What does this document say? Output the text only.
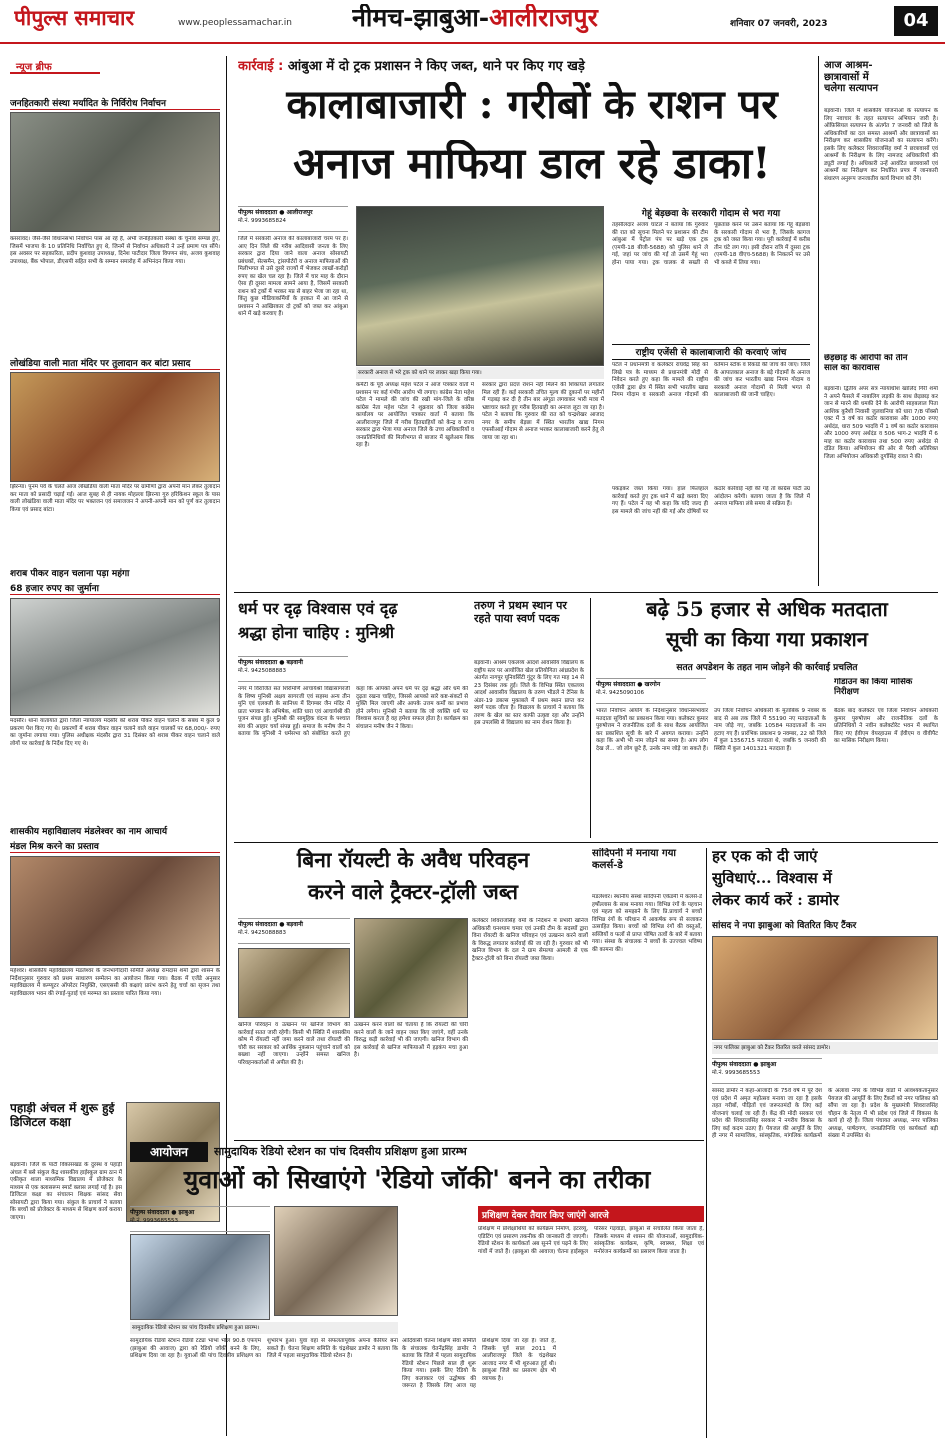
पीपुल्स समाचार	www.peoplessamachar.in	नीमच-झाबुआ-आलीराजपुर	शनिवार 07 जनवरी, 2023	04
न्यूज ब्रीफ
जनहितकारी संस्था मर्यादित के निर्विरोध निर्वाचन
कसरावद। जैसे-जैसे विधानसभा निर्वाचन पास आ रहे हैं, अभी जनहितकारी संस्था के चुनाव सम्पन्न हुए, जिसमें भाजपा के 10 प्रतिनिधि निर्वाचित हुए थे, जिनमें से निर्वाचन अधिकारी ने उन्हें प्रमाण पत्र सौंपे। इस अवसर पर सहकारिता, प्रदीप कुशवाह उपाध्यक्ष, दिनेश पाटीदार जिला विपणन संघ, अजय कुशवाह उपाध्यक्ष, बैंक भोपाल, डीएसपी सहित सभी के सम्मान समारोह में अभिनंदन किया गया।
लोखंडिया वाली माता मंदिर पर तुलादान कर बांटा प्रसाद
झिरन्या। पुनम पर्व के चलते आज लोखंडिया वाली माता मंदिर पर ग्रामीणों द्वारा अपनी मान लेकर तुलादान कर माता को प्रसादी चढ़ाई गई। आज सुबह से ही नायक मोहल्ला झिरन्या गुरु हरिकिशन स्कूल के पास वाली लोखंडिया वाली माता मंदिर पर भक्तजन एवं समाजजन ने अपनी-अपनी मान को पूर्ण कर तुलादान किया एवं प्रसाद बांटा।
शराब पीकर वाहन चलाना पड़ा महंगा
68 हजार रुपए का जुर्माना
मंदसौर। थाना यातायात द्वारा जिला न्यायालय मंदसौर को शराब पीकर वाहन चलाने के संबंध में कुल 9 प्रकरण पेश किए गए थे। प्रकरणों में शराब पीकर वाहन चलाने वाले वाहन चालकों पर 68,000/- रुपए का जुर्माना लगाया गया। पुलिस अधीक्षक मंदसौर द्वारा 31 दिसंबर को शराब पीकर वाहन चलाने वाले लोगों पर कार्रवाई के निर्देश दिए गए थे।
शासकीय महाविद्यालय मंडलेश्वर का नाम आचार्य
मंडल मिश्र करने का प्रस्ताव
महेश्वर। शासकीय महाविद्यालय मंडलेश्वर के जनभागीदारी समिति अध्यक्ष रामदास शर्मा द्वारा शासन के निर्देशानुसार गुरुवार को प्रथम साधारण सम्मेलन का आयोजन किया गया। बैठक में एजेंडे अनुसार महाविद्यालय में कम्प्यूटर ऑपरेटर नियुक्ति, एसएससी की कक्षाएं प्रारंभ करने हेतु चर्चा का सृजन तथा महाविद्यालय भवन की रंगाई-पुताई एवं मरम्मत का प्रस्ताव पारित किया गया।
पहाड़ी अंचल में शुरू हुई डिजिटल कक्षा
बड़वानी। जिले के पाटी विकासखंड के दुरस्थ व पहाड़ी अंचल में बसे संकुल केंद्र शासकीय हाईस्कूल ग्राम ठान में एकीकृत शाला माध्यमिक विद्यालय में प्रोजेक्टर के माध्यम से एक क्लासरूम स्मार्ट क्लास लगाई गई है। इस डिजिटल कक्षा का संचालन शिक्षक सांसद सेवा सोसायटी द्वारा किया गया। संकुल के प्राचार्य ने बताया कि बच्चों को प्रोजेक्टर के माध्यम से शिक्षण कार्य कराया जाएगा।
कार्रवाई : आंबुआ में दो ट्रक प्रशासन ने किए जब्त, थाने पर किए गए खड़े
कालाबाजारी : गरीबों के राशन पर
अनाज माफिया डाल रहे डाका!
पीपुल्स संवाददाता ● आलीराजपुर
मो.नं. 9993685824
जिले में सरकारी अनाज की कालाबाजारी चरम पर है। आए दिन जिले की गरीब आदिवासी जनता के लिए सरकार द्वारा दिया जाने वाला अनाज सोसायटी प्रबंधकों, सेल्समैन, ट्रांसपोर्टरों व अनाज माफियाओं की मिलीभगत से उसे दूसरे राज्यों में भेजकर लाखों-करोड़ों रुपए का खेल चल रहा है। जिले में चार माह के दौरान ऐसा ही दूसरा मामला सामने आया है, जिसमें सरकारी राशन को ट्रकों में भरकर मप्र से बाहर भेजा जा रहा था, किंतु कुछ मीडियाकर्मियों के हरकत में आ जाने से प्रशासन ने आखिरकार दो ट्रकों को जब्त कर आंबुआ थाने में खड़े करवाए हैं।
सरकारी अनाज से भरे ट्रक को थाने पर लाकर खड़ा किया गया।
कमेटी के पूर्व अध्यक्ष महेश पटेल ने आज पत्रकार वार्ता में प्रशासन पर कई गंभीर आरोप भी लगाए। कांग्रेस नेता महेश पटेल ने मामले की जांच की रखी मांग-जिले के वरिष्ठ कांग्रेस नेता महेश पटेल ने शुक्रवार को जिला कांग्रेस कार्यालय पर आयोजित पत्रकार वार्ता में बताया कि आलीराजपुर जिले में गरीब हितग्राहियों को केन्द्र व राज्य सरकार द्वारा भेजा गया अनाज जिले के उच्च अधिकारियों व जनप्रतिनिधियों की मिलीभगत से बाजार में खुलेआम बिक रहा है।
सरकार द्वारा प्रदत्त राशन नहीं मिलने की शिकायतें लगातार मिल रही हैं। कई सरकारी उचित मूल्य की दुकानों पर महीनों में गड़बड़ कर दी है तीन बार अंगूठा लगवाकर भारी मात्रा में भ्रष्टाचार करते हुए गरीब हितग्राही का अनाज लूटा जा रहा है। पटेल ने बताया कि गुरुवार की रात को चन्द्रशेखर आजाद नगर के समीप बेड़छा में स्थित भारतीय खाद्य निगम एफसीआई गोदाम से अनाज भरकर कालाबाजारी करने हेतु ले जाया जा रहा था।
गेहूं बेड़छवा के सरकारी गोदाम से भरा गया
तहसीलदार अजय घाटल ने बताया कि गुरुवार की रात को सूचना मिलने पर प्रशासन की टीम आंबुआ में पेट्रोल पंप पर खड़े एक ट्रक (एमपी-18 बीजी-5688) को पुलिस थाने ले गई, जहां पर जांच की गई तो उसमें गेहूं भरा होना पाया गया। ट्रक चालक से सख्ती से पूछताछ करने पर उसने बताया कि गेहूं बेड़छवा के सरकारी गोदाम से भरा है, जिसके कागज ट्रक को जब्त किया गया। पूरी कार्रवाई में करीब तीन घंटे लग गए। इसी दौरान रात्रि में दूसरा ट्रक (एमपी-18 वीएच-5688) के निकलने पर उसे भी कब्जे में लिया गया।
राष्ट्रीय एजेंसी से कालाबाजारी की करवाएं जांच
पटेल ने प्रधानमंत्री व कलेक्टर राघवेंद्र सिंह को लिखे पत्र के माध्यम से प्रधानमंत्री मोदी से निवेदन करते हुए कहा कि मामले की राष्ट्रीय एजेंसी द्वारा क्षेत्र में स्थित सभी भारतीय खाद्य निगम गोदाम व सरकारी अनाज गोदामों की वर्तमान स्टॉक व रिकार्ड की जांच की जाए। जिले के आपातकाल अनाज के बड़े गोदामों के अनाज की जांच कर भारतीय खाद्य निगम गोदाम व सरकारी अनाज गोदामों से मिली भगत से कालाबाजारी की जानी चाहिए।
पकड़कर जब्त किया गया। हाल फिलहाल कार्रवाई करते हुए ट्रक थाने में खड़े करवा दिए गए हैं। पटेल ने यह भी कहा कि यदि जल्द ही इस मामले की जांच नहीं की गई और दोषियों पर कठोर कार्रवाई नहीं की गई तो कांग्रेस पार्टी उग्र आंदोलन करेगी। बताया जाता है कि जिले में अनाज माफिया लंबे समय से सक्रिय हैं।
आज आश्रम-
छात्रावासों में
चलेगा सत्यापन
बड़वानी। जिले में शासकीय योजनाओं के सत्यापन के लिए नवाचार के तहत सत्यापन अभियान जारी है। ऑफ़िसियल सत्यापन के अंतर्गत 7 जनवरी को जिले के अधिकारियों का दल समस्त आश्रमों और छात्रावासों का निरीक्षण कर शासकीय योजनाओं का सत्यापन करेंगे। इसके लिए कलेक्टर शिवराजसिंह वर्मा ने छात्रावासों एवं आश्रमों के निरीक्षण के लिए नामजद अधिकारियों की ड्यूटी लगाई है। अधिकारी उन्हें आवंटित छात्रावासों एवं आश्रमों का निरीक्षण कर निर्धारित प्रपत्र में जानकारी संधारण अनुरूप जनजातीय कार्य विभाग को देंगे।
छेड़छाड़ के आरोपी को तीन
साल का कारावास
बड़वानी। द्वितीय अपर सत्र न्यायाधीश खालिद गिरी शर्मा ने अपने फैसले में नाबालिग लड़की के साथ छेड़छाड़ कर जान से मारने की धमकी देने के आरोपी साहबलाल पिता आशिक कुरैशी निवासी जुलवानिया को धारा 7/8 पॉक्सो एक्ट में 3 वर्ष का कठोर कारावास और 1000 रुपए अर्थदंड, धारा 509 भादवि में 1 वर्ष का कठोर कारावास और 1000 रुपए अर्थदंड व 506 भाग-2 भादवि में 6 माह का कठोर कारावास तथा 500 रुपए अर्थदंड से दंडित किया। अभियोजन की ओर से पैरवी अतिरिक्त जिला अभियोजन अधिकारी दुर्गासिंह रावत ने की।
धर्म पर दृढ़ विश्वास एवं दृढ़
श्रद्धा होना चाहिए : मुनिश्री
पीपुल्स संवाददाता ● बड़वानी
मो.नं. 9425088883
नगर में विराजित संत शिरोमणि आचार्यश्री विद्यासागरजी के शिष्य मुनिश्री अक्षय सागरजी एवं सहस्थ अन्य तीन मुनि एवं एलक्जी के सानिध्य में दिगम्बर जैन मंदिर में प्रातः भगवान के अभिषेक, शांति धारा एवं आचार्यश्री की पूजन संपन्न हुई। मुनिश्री की सामूहिक वंदना के पश्चात संघ की आहार चर्या संपन्न हुई। समाज के मनीष जैन ने बताया कि मुनिश्री ने धर्मसभा को संबोधित करते हुए कहा कि आपको अपने धर्म पर दृढ़ श्रद्धा और धर्म की दृढ़ता रखना चाहिए, जिससे आपको सारे कष्ट-संकटों से मुक्ति मिल जाएगी और आपके उत्तम कर्मों का प्रभाव होने लगेगा। मुनिश्री ने बताया कि जो व्यक्ति धर्म पर विश्वास करता है वह हमेशा सफल होता है। कार्यक्रम का संचालन मनीष जैन ने किया।
तरुण ने प्रथम स्थान पर रहते पाया स्वर्ण पदक
बड़वानी। आश्रम एकलव्य आदर्श आवासीय विद्यालय के राष्ट्रीय स्तर पर आयोजित खेल प्रतियोगिता आंध्रप्रदेश के अंतर्गत नागपुर यूनिवर्सिटी गुंटूर के लिए गत माह 14 से 23 दिसंबर तक हुई। जिले के विभिन्न स्थित एकलव्य आदर्श आवासीय विद्यालय के तरुण भीडले ने टेनिस के अंडर-19 डबल्स मुकाबले में प्रथम स्थान प्राप्त कर स्वर्ण पदक जीता है। विद्यालय के प्राचार्य ने बताया कि तरुण के खेल का स्तर काफी उत्कृष्ट रहा और उन्होंने इस उपलब्धि से विद्यालय का नाम रोशन किया है।
बढ़े 55 हजार से अधिक मतदाता
सूची का किया गया प्रकाशन
सतत अपडेशन के तहत नाम जोड़ने की कार्रवाई प्रचलित
पीपुल्स संवाददाता ● खरगोन
मो.नं. 9425090106
भारत निर्वाचन आयोग के निर्देशानुसार विधानसभावार मतदाता सूचियों का प्रकाशन किया गया। कलेक्टर कुमार पुरुषोत्तम ने राजनीतिक दलों के साथ बैठक आयोजित कर प्रकाशित सूची के बारे में अवगत कराया। उन्होंने कहा कि अभी भी नाम जोड़ने का समय है। आप लोग देख लें... जो लोग छूटे हैं, उनके नाम जोड़े जा सकते हैं। उप जिला निर्वाचन अधिकारी के मुताबिक 9 नवंबर के बाद से अब तक जिले में 55190 नए मतदाताओं के नाम जोड़े गए, जबकि 10584 मतदाताओं के नाम हटाए गए हैं। प्रारंभिक प्रकाशन 9 नवम्बर, 22 को जिले में कुल 1356715 मतदाता थे, जबकि 5 जनवरी की स्थिति में कुल 1401321 मतदाता हैं।
गोडाउन का किया मासिक निरीक्षण
बैठक बाद कलेक्टर एवं जिला निर्वाचन अधिकारी कुमार पुरुषोत्तम और राजनीतिक दलों के प्रतिनिधियों ने नवीन कलेक्टोरेट भवन में स्थापित किए गए ईवीएम वेयरहाउस में ईवीएम व वीवीपैट का मासिक निरीक्षण किया।
बिना रॉयल्टी के अवैध परिवहन
करने वाले ट्रैक्टर-ट्रॉली जब्त
पीपुल्स संवाददाता ● बड़वानी
मो.नं. 9425088883
कलेक्टर शिवराजसिंह वर्मा के निर्देशन में प्रभारी खनिज अधिकारी घनश्याम चमार एवं उनकी टीम के सदस्यों द्वारा विना रॉयल्टी के खनिज परिवहन एवं उत्खनन करने वालों के विरुद्ध लगातार कार्रवाई की जा रही है। गुरुवार को भी खनिज विभाग के दल ने ग्राम सेमल्या आमली से एक ट्रैक्टर-ट्रॉली को बिना रॉयल्टी जब्त किया।
खनिज परिवहन व उत्खनन पर खनिज विभाग की कार्रवाई सतत जारी रहेगी। किसी भी स्थिति में शासकीय कोष में रॉयल्टी नहीं जमा करने वाले तथा रॉयल्टी की चोरी कर सरकार को आर्थिक नुकसान पहुंचाने वालों को बख्शा नहीं जाएगा। उन्होंने समस्त खनिज परिवहनकर्ताओं से अपील की है।
उत्खनन करने वालों को चेताया है कि रॉयल्टी की चोरी करने वालों के जाने वाहन जब्त किए जाएंगे, वहीं उनके विरुद्ध कड़ी कार्रवाई भी की जाएगी। खनिज विभाग की इस कार्रवाई से खनिज माफियाओं में हड़कंप मचा हुआ है।
सांदिपनी में मनाया गया कलर्स-डे
मंडलेश्वर। स्थानीय संस्था सांदिपनी एकेडमी में कलर्स-डे हर्षोल्लास के साथ मनाया गया। विभिन्न रंगों के पहचान एवं महत्व को समझाने के लिए प्रि.प्राचार्य ने बच्चों विभिन्न रंगों के परिधान में आकर्षक रूप से सजाकर उत्साहित किया। बच्चों को विभिन्न रंगों की वस्तुओं, सब्जियों व फलों से प्राप्त पोषित तत्वों के बारे में बताया गया। संस्था के संचालक ने बच्चों के उज्ज्वल भविष्य की कामना की।
हर एक को दी जाएं
सुविधाएं... विश्वास में
लेकर कार्य करें : डामोर
सांसद ने नपा झाबुआ को वितरित किए टैंकर
नगर पालिका झाबुआ को टैंकर वितरित करते सांसद डामोर।
पीपुल्स संवाददाता ● झाबुआ
मो.नं. 9993685553
सांसद डामोर ने कहा-आजादी के 75वें वर्ष में पूरे देश एवं प्रदेश में अमृत महोत्सव मनाया जा रहा है इसके तहत गरीबों, पीड़ितों एवं जरूरतमंदों के लिए कई योजनाएं चलाई जा रही हैं। केंद्र की मोदी सरकार एवं प्रदेश की शिवराजसिंह सरकार ने नगरीय विकास के लिए कई कदम उठाए हैं। पेयजल की आपूर्ति के लिए ही नगर में सामाजिक, सांस्कृतिक, मांगलिक कार्यक्रमों के अलावा नगर के विभिन्न वार्डों में आवश्यकतानुसार पेयजल की आपूर्ति के लिए टैंकरों को नगर पालिका को सौंपा जा रहा है। प्रदेश के मुख्यमंत्री शिवराजसिंह चौहान के नेतृत्व में भी प्रदेश एवं जिले में विकास के कार्य हो रहे हैं। जिला पंचायत अध्यक्ष, नगर पालिका अध्यक्ष, पार्षदगण, जनप्रतिनिधि एवं कार्यकर्ता बड़ी संख्या में उपस्थित थे।
आयोजन	सामुदायिक रेडियो स्टेशन का पांच दिवसीय प्रशिक्षण हुआ प्रारम्भ
युवाओं को सिखाएंगे 'रेडियो जॉकी' बनने का तरीका
पीपुल्स संवाददाता ● झाबुआ
मो.नं. 9993685553
सामुदायिक रेडियो स्टेशन का पांच दिवसीय प्रशिक्षण हुआ प्रारम्भ।
सामुदायिक रेडियो स्टेशन रेडियो टट्या भाभा भील 90.8 एफएम (झाबुआ की आवाज) द्वारा को रेडियो जॉकी बनने के लिए, प्रशिक्षण दिया जा रहा है। युवाओं की पांच दिवसीय प्रशिक्षण का शुभारंभ हुआ। युवा वहां से सफलतापूर्वक अपना कैरियर बना सकते हैं। चेतना शिक्षण समिति के चंद्रशेखर डामोर ने बताया कि जिले में पहला सामुदायिक रेडियो स्टेशन है।
आदिवासी चेतना शिक्षण सेवा समिति के संचालक चेतनेंद्रसिंह डामोर ने बताया कि जिले में पहला सामुदायिक रेडियो स्टेशन पिछले साल ही शुरू किया गया। इसके लिए रेडियो के लिए कलाकार एवं उद्घोषक की जरूरत है जिसके लिए आज यह प्रशिक्षण दिया जा रहा है। जाते हैं, जिसके पूर्व साल 2011 में आलीराजपुर जिले के चंद्रशेखर आजाद नगर में भी शुरुआत हुई थी। झाबुआ जिले का प्रसारण क्षेत्र भी व्यापक है।
प्रशिक्षण देकर तैयार किए जाएंगे आरजे
प्रशिक्षण में प्रशिक्षार्थियों को कार्यक्रम निर्माण, इंटरव्यू, एडिटिंग एवं प्रसारण तकनीक की जानकारी दी जाएगी। रेडियो स्टेशन के कार्यकर्ता अब सुनने एवं पढ़ने के लिए गांवों में जाते हैं। (झाबुआ की आवाज) चेतना हाईस्कूल परिसर गड़वाड़ा, झाबुआ से संचालित किया जाता है, जिसके माध्यम से शासन की योजनाओं, सामुदायिक-सांस्कृतिक कार्यक्रम, कृषि, स्वास्थ्य, शिक्षा एवं मनोरंजन कार्यक्रमों का प्रसारण किया जाता है।
